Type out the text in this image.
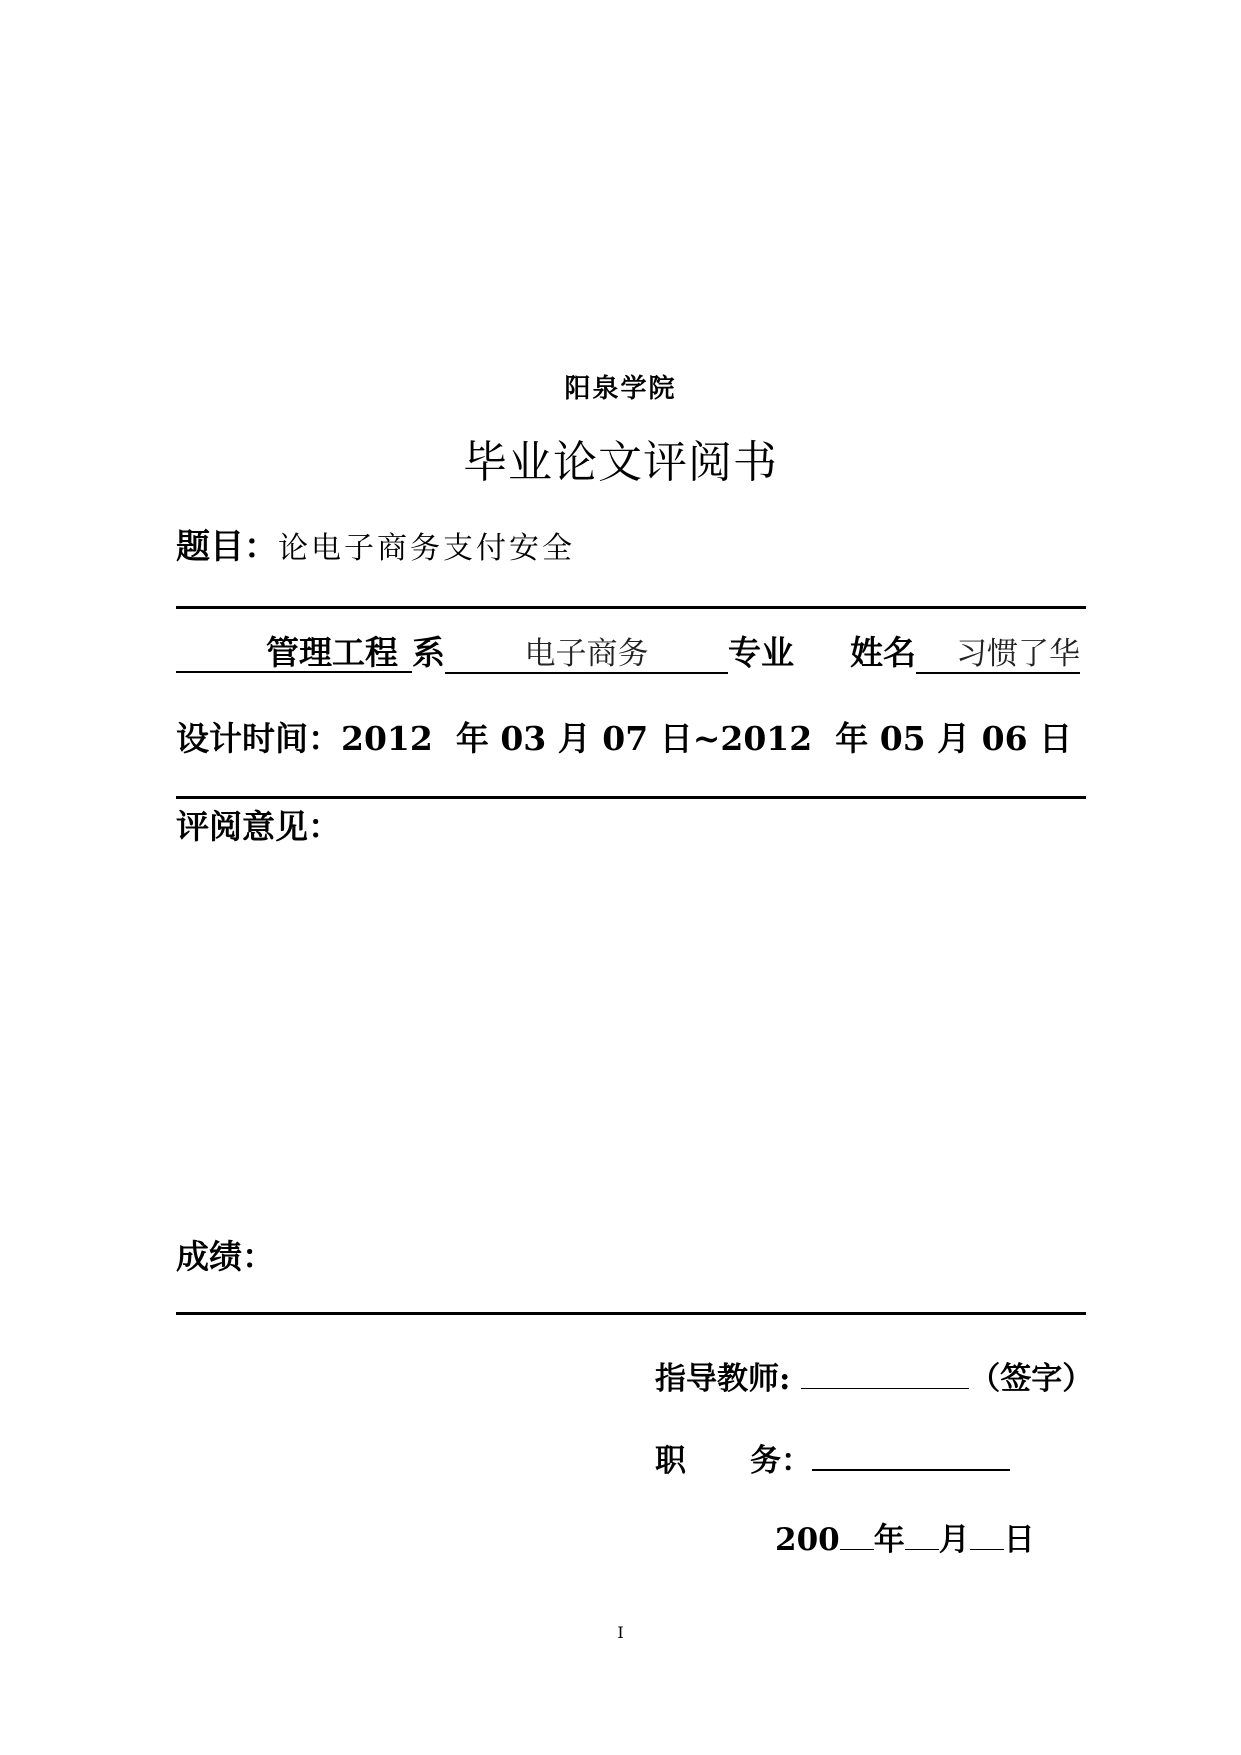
阳泉学院
毕业论文评阅书
题目：论电子商务支付安全
管理工程 系	电子商务 专业 姓名 习惯了华
设计时间：2012 年 03 月 07 日~2012 年 05 月 06 日
评阅意见：
成绩：
指导教师:	（签字）
职 务：
200 年 月 日
I
